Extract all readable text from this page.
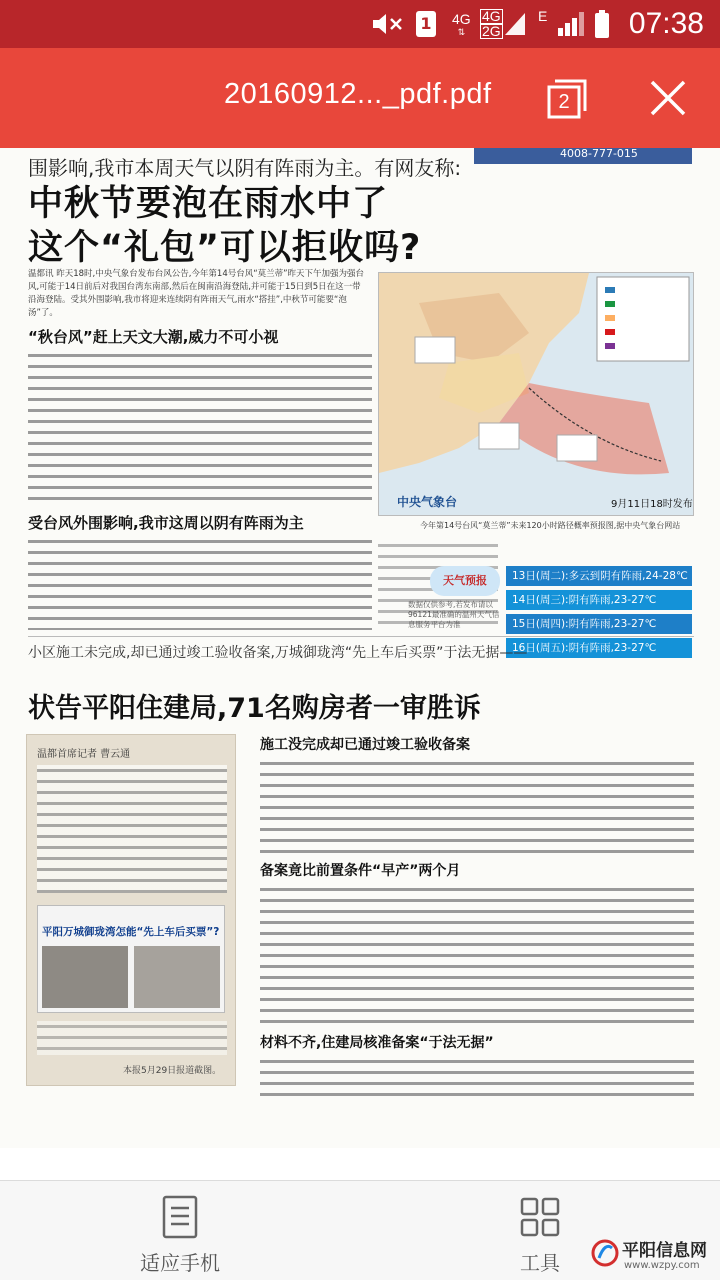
1	4G
⇅
4G
2G
E	07:38
20160912..._pdf.pdf	2
4008-777-015
围影响,我市本周天气以阴有阵雨为主。有网友称:
中秋节要泡在雨水中了
这个“礼包”可以拒收吗?
温都讯 昨天18时,中央气象台发布台风公告,今年第14号台风“莫兰蒂”昨天下午加强为强台风,可能于14日前后对我国台湾东南部,然后在闽南沿海登陆,并可能于15日到5日在这一带沿海登陆。受其外围影响,我市将迎来连续阴有阵雨天气,雨水“搭挂”,中秋节可能要“泡汤”了。
“秋台风”赶上天文大潮,威力不可小视
受台风外围影响,我市这周以阴有阵雨为主
中央气象台	9月11日18时发布
今年第14号台风“莫兰蒂”未来120小时路径概率预报图,据中央气象台网站
天气预报
数据仅供参考,若发布请以96121最准确的温州天气信息服务平台为准
13日(周二):多云到阴有阵雨,24-28℃
14日(周三):阴有阵雨,23-27℃
15日(周四):阴有阵雨,23-27℃
16日(周五):阴有阵雨,23-27℃
小区施工未完成,却已通过竣工验收备案,万城御珑湾“先上车后买票”于法无据——
状告平阳住建局,71名购房者一审胜诉
温都首席记者 曹云通
平阳万城御珑湾怎能“先上车后买票”?
本报5月29日报道截图。
施工没完成却已通过竣工验收备案
备案竟比前置条件“早产”两个月
材料不齐,住建局核准备案“于法无据”
适应手机	工具	平阳信息网
www.wzpy.com
